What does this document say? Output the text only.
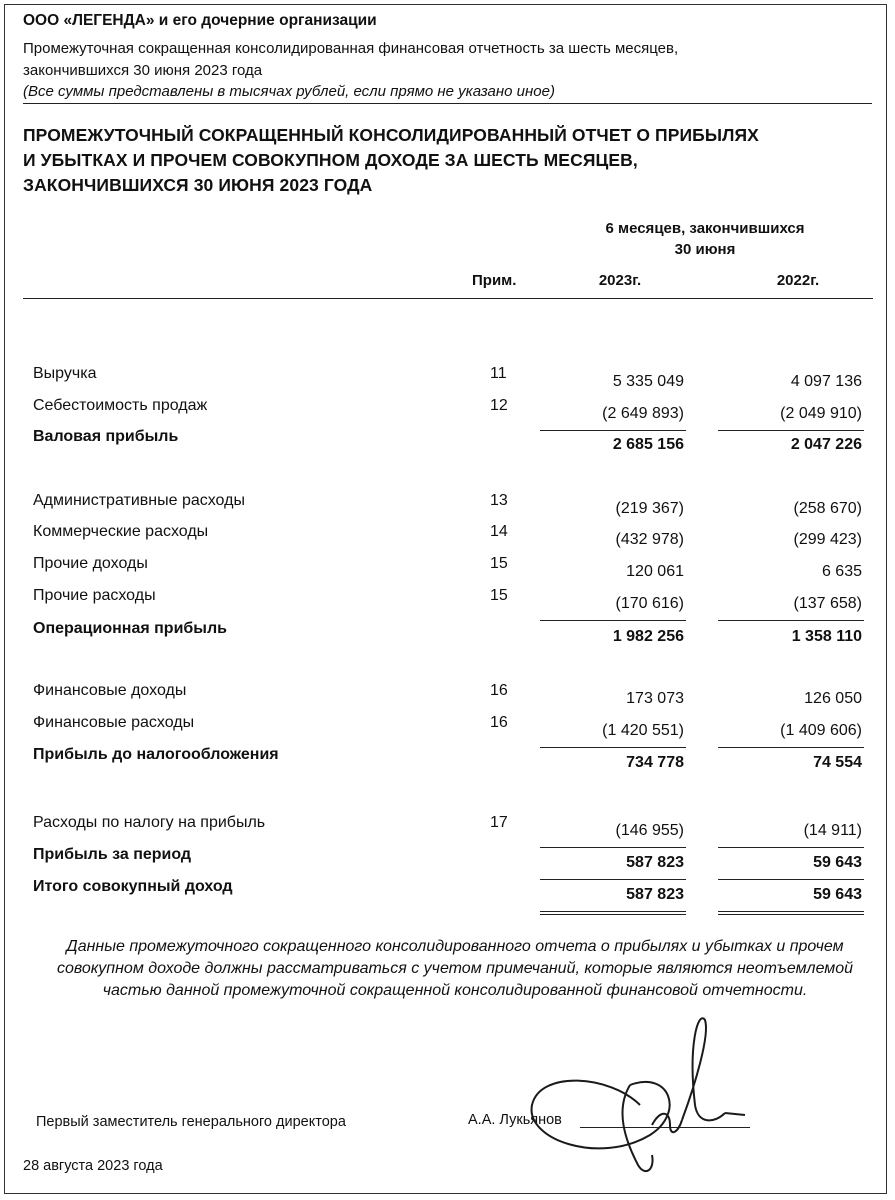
ООО «ЛЕГЕНДА» и его дочерние организации
Промежуточная сокращенная консолидированная финансовая отчетность за шесть месяцев,
закончившихся 30 июня 2023 года
(Все суммы представлены в тысячах рублей, если прямо не указано иное)
ПРОМЕЖУТОЧНЫЙ СОКРАЩЕННЫЙ КОНСОЛИДИРОВАННЫЙ ОТЧЕТ О ПРИБЫЛЯХ
И УБЫТКАХ И ПРОЧЕМ СОВОКУПНОМ ДОХОДЕ ЗА ШЕСТЬ МЕСЯЦЕВ,
ЗАКОНЧИВШИХСЯ 30 ИЮНЯ 2023 ГОДА
6 месяцев, закончившихся
30 июня
Прим.	2023г.	2022г.
Выручка	11	5 335 049	4 097 136
Себестоимость продаж	12	(2 649 893)	(2 049 910)
Валовая прибыль	2 685 156	2 047 226
Административные расходы	13	(219 367)	(258 670)
Коммерческие расходы	14	(432 978)	(299 423)
Прочие доходы	15	120 061	6 635
Прочие расходы	15	(170 616)	(137 658)
Операционная прибыль	1 982 256	1 358 110
Финансовые доходы	16	173 073	126 050
Финансовые расходы	16	(1 420 551)	(1 409 606)
Прибыль до налогообложения	734 778	74 554
Расходы по налогу на прибыль	17	(146 955)	(14 911)
Прибыль за период	587 823	59 643
Итого совокупный доход	587 823	59 643
Данные промежуточного сокращенного консолидированного отчета о прибылях и убытках и прочем совокупном доходе должны рассматриваться с учетом примечаний, которые являются неотъемлемой частью данной промежуточной сокращенной консолидированной финансовой отчетности.
Первый заместитель генерального директора	А.А. Лукьянов
28 августа 2023 года
